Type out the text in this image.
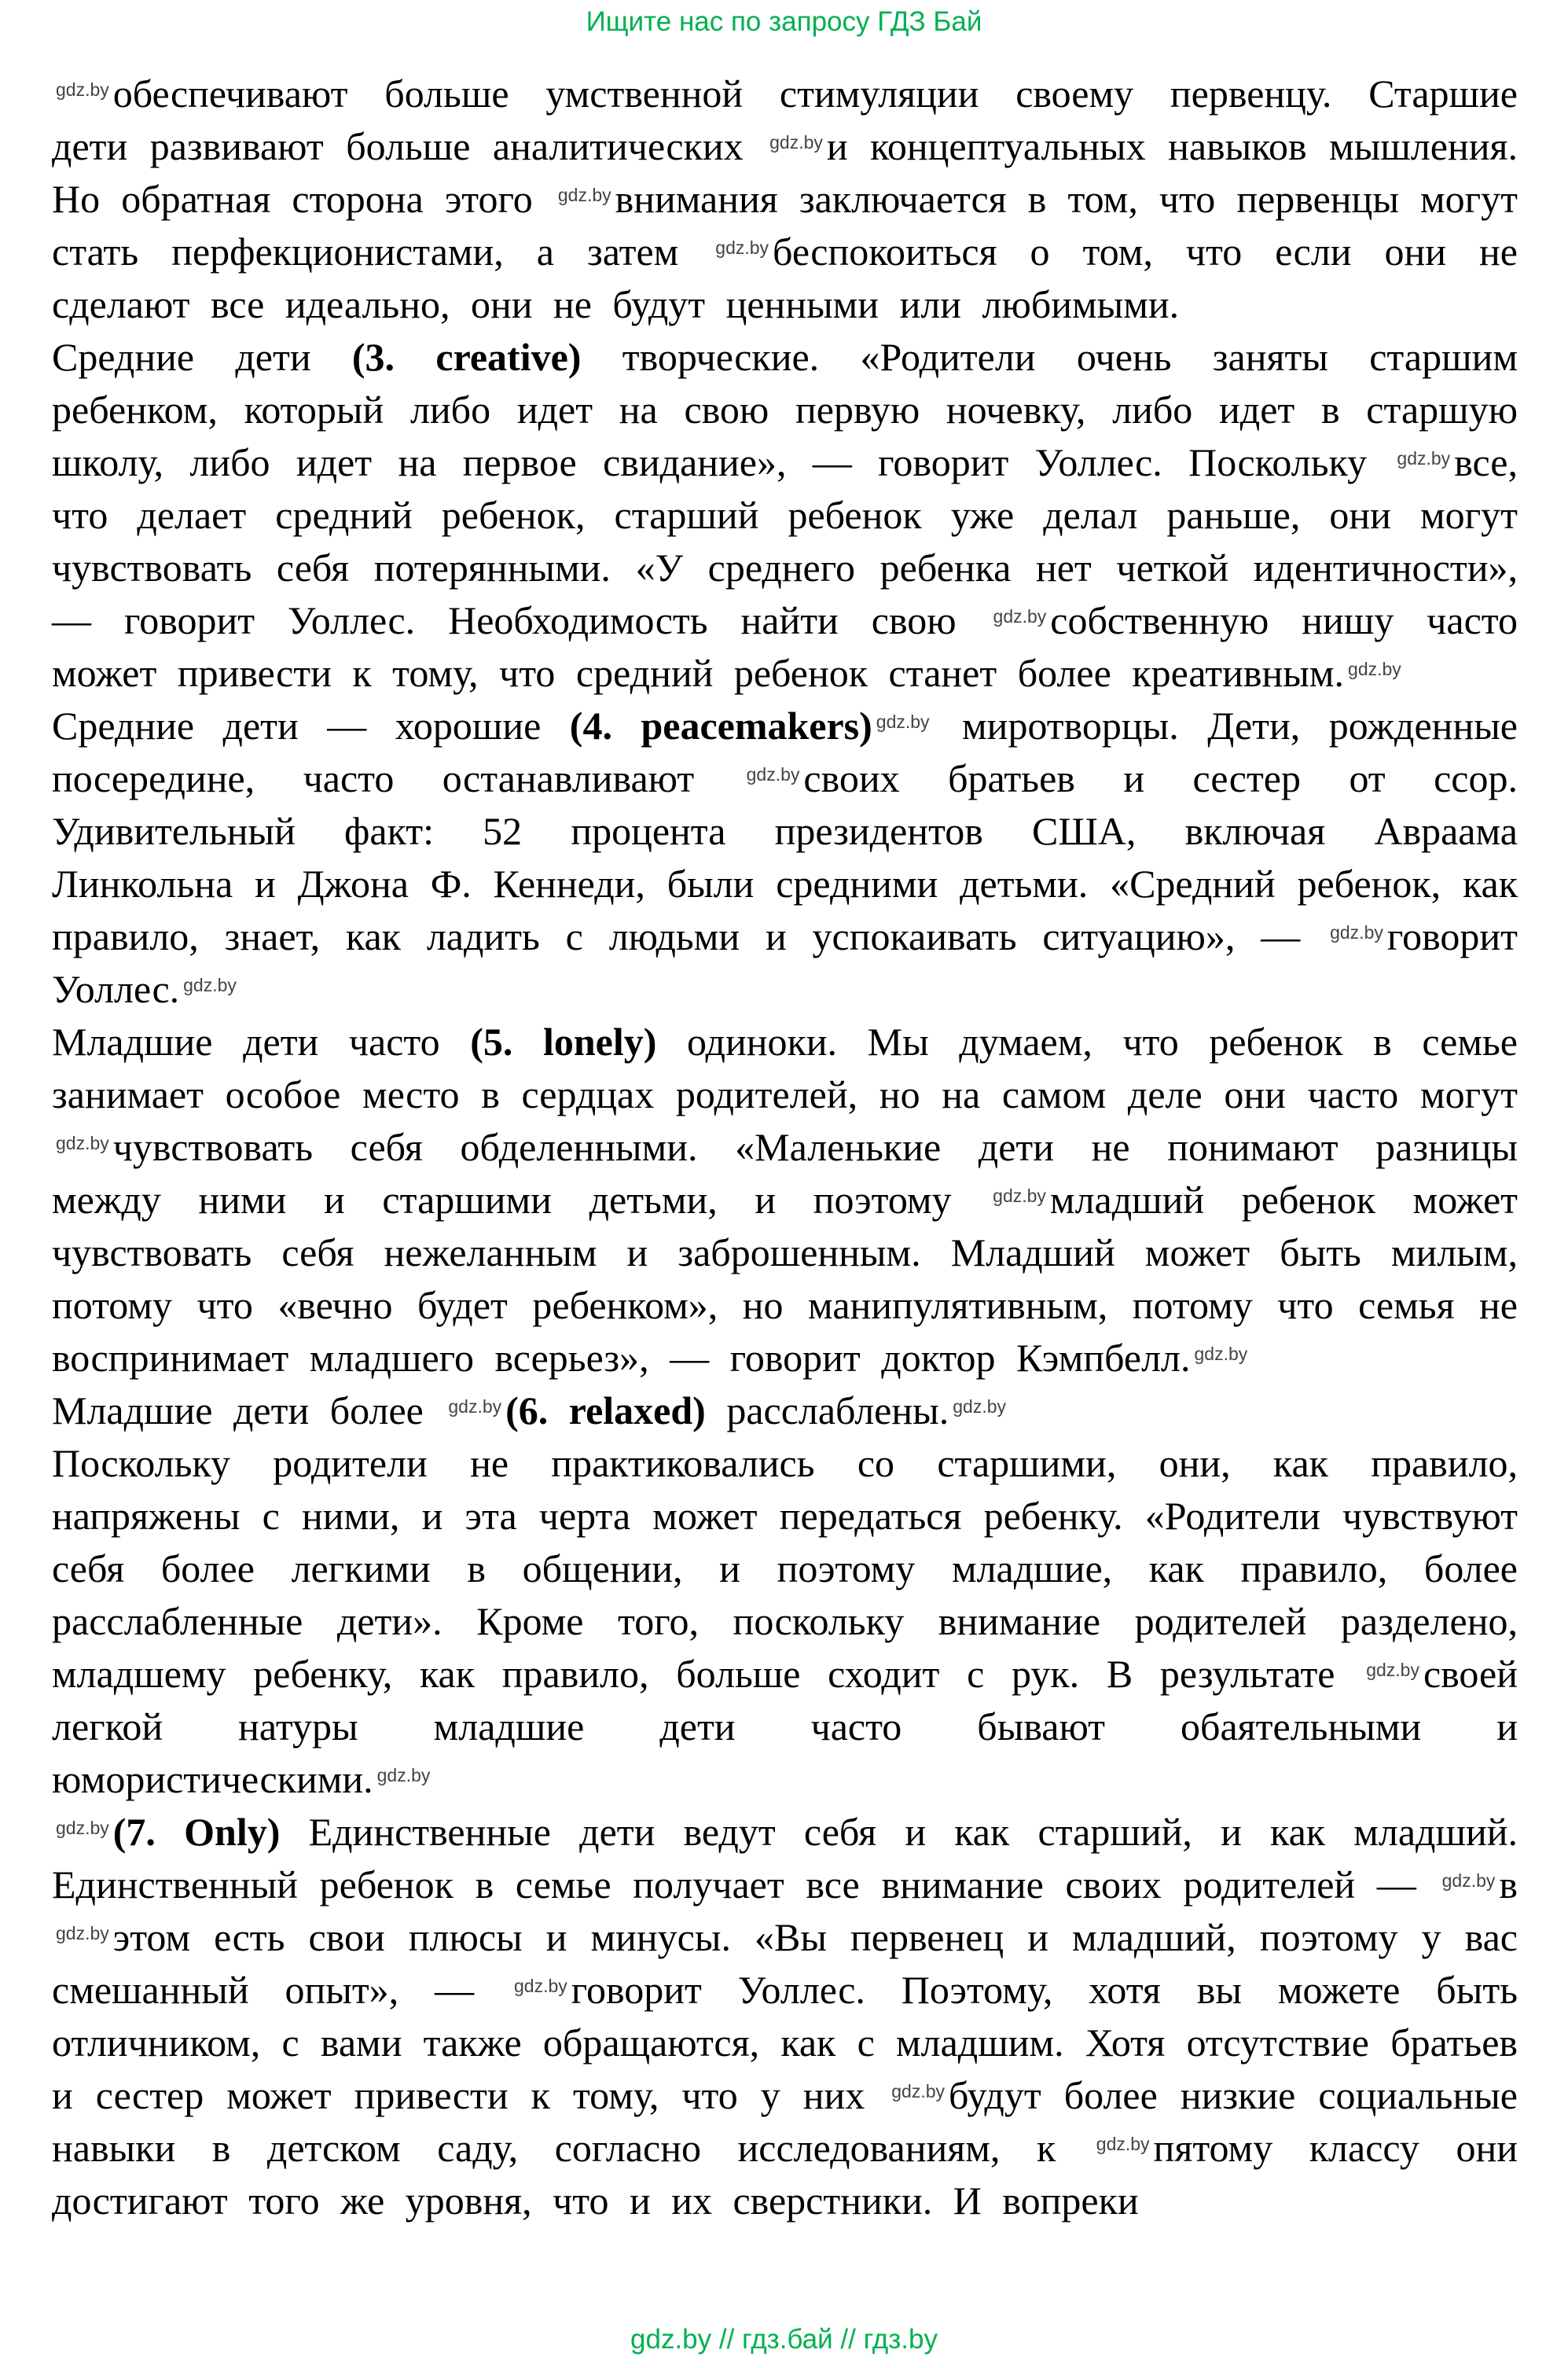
Ищите нас по запросу ГДЗ Бай

$^{gdz.by}$ обеспечивают больше умственной стимуляции своему первенцу. Старшие дети развивают больше аналитических $^{gdz.by}$ и концептуальных навыков мышления. Но обратная сторона этого $^{gdz.by}$ внимания заключается в том, что первенцы могут стать перфекционистами, а затем $^{gdz.by}$ беспокоиться о том, что если они не сделают все идеально, они не будут ценными или любимыми.

Средние дети (3. creative) творческие. «Родители очень заняты старшим ребенком, который либо идет на свою первую ночевку, либо идет в старшую школу, либо идет на первое свидание», — говорит Уоллес. Поскольку $^{gdz.by}$ все, что делает средний ребенок, старший ребенок уже делал раньше, они могут чувствовать себя потерянными. «У среднего ребенка нет четкой идентичности», — говорит Уоллес. Необходимость найти свою $^{gdz.by}$ собственную нишу часто может привести к тому, что средний ребенок станет более креативным. $^{gdz.by}$

Средние дети — хорошие (4. peacemakers) $^{gdz.by}$ миротворцы. Дети, рожденные посередине, часто останавливают $^{gdz.by}$ своих братьев и сестер от ссор. Удивительный факт: 52 процента президентов США, включая Авраама Линкольна и Джона Ф. Кеннеди, были средними детьми. «Средний ребенок, как правило, знает, как ладить с людьми и успокаивать ситуацию», — $^{gdz.by}$ говорит Уоллес. $^{gdz.by}$

Младшие дети часто (5. lonely) одиноки. Мы думаем, что ребенок в семье занимает особое место в сердцах родителей, но на самом деле они часто могут $^{gdz.by}$ чувствовать себя обделенными. «Маленькие дети не понимают разницы между ними и старшими детьми, и поэтому $^{gdz.by}$ младший ребенок может чувствовать себя нежеланным и заброшенным. Младший может быть милым, потому что «вечно будет ребенком», но манипулятивным, потому что семья не воспринимает младшего всерьез», — говорит доктор Кэмпбелл. $^{gdz.by}$

Младшие дети более $^{gdz.by}$ (6. relaxed) расслаблены. $^{gdz.by}$

Поскольку родители не практиковались со старшими, они, как правило, напряжены с ними, и эта черта может передаться ребенку. «Родители чувствуют себя более легкими в общении, и поэтому младшие, как правило, более расслабленные дети». Кроме того, поскольку внимание родителей разделено, младшему ребенку, как правило, больше сходит с рук. В результате $^{gdz.by}$ своей легкой натуры младшие дети часто бывают обаятельными и юмористическими. $^{gdz.by}$

$^{gdz.by}$ (7. Only) Единственные дети ведут себя и как старший, и как младший. Единственный ребенок в семье получает все внимание своих родителей — $^{gdz.by}$ в $^{gdz.by}$ этом есть свои плюсы и минусы. «Вы первенец и младший, поэтому у вас смешанный опыт», — $^{gdz.by}$ говорит Уоллес. Поэтому, хотя вы можете быть отличником, с вами также обращаются, как с младшим. Хотя отсутствие братьев и сестер может привести к тому, что у них $^{gdz.by}$ будут более низкие социальные навыки в детском саду, согласно исследованиям, к $^{gdz.by}$ пятому классу они достигают того же уровня, что и их сверстники. И вопреки

gdz.by // гдз.бай // гдз.by
